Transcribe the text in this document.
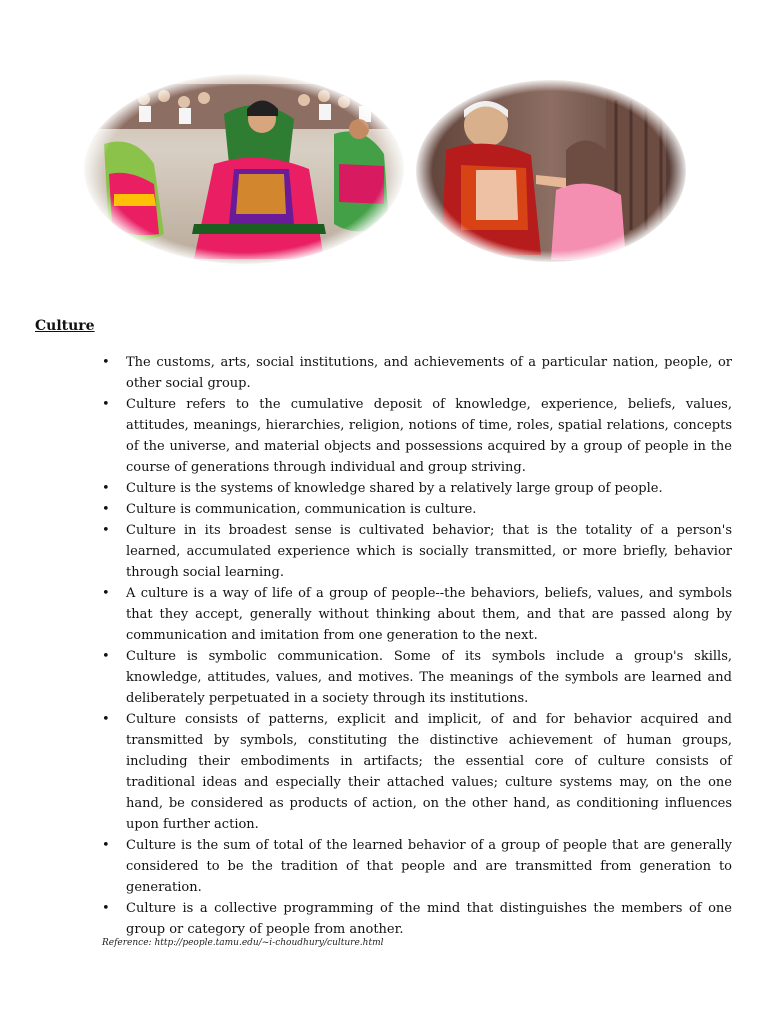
Culture
• The customs, arts, social institutions, and achievements of a particular nation, people, or other social group.
• Culture refers to the cumulative deposit of knowledge, experience, beliefs, values, attitudes, meanings, hierarchies, religion, notions of time, roles, spatial relations, concepts of the universe, and material objects and possessions acquired by a group of people in the course of generations through individual and group striving.
• Culture is the systems of knowledge shared by a relatively large group of people.
• Culture is communication, communication is culture.
• Culture in its broadest sense is cultivated behavior; that is the totality of a person's learned, accumulated experience which is socially transmitted, or more briefly, behavior through social learning.
• A culture is a way of life of a group of people--the behaviors, beliefs, values, and symbols that they accept, generally without thinking about them, and that are passed along by communication and imitation from one generation to the next.
• Culture is symbolic communication. Some of its symbols include a group's skills, knowledge, attitudes, values, and motives. The meanings of the symbols are learned and deliberately perpetuated in a society through its institutions.
• Culture consists of patterns, explicit and implicit, of and for behavior acquired and transmitted by symbols, constituting the distinctive achievement of human groups, including their embodiments in artifacts; the essential core of culture consists of traditional ideas and especially their attached values; culture systems may, on the one hand, be considered as products of action, on the other hand, as conditioning influences upon further action.
• Culture is the sum of total of the learned behavior of a group of people that are generally considered to be the tradition of that people and are transmitted from generation to generation.
• Culture is a collective programming of the mind that distinguishes the members of one group or category of people from another.
Reference: http://people.tamu.edu/~i-choudhury/culture.html
